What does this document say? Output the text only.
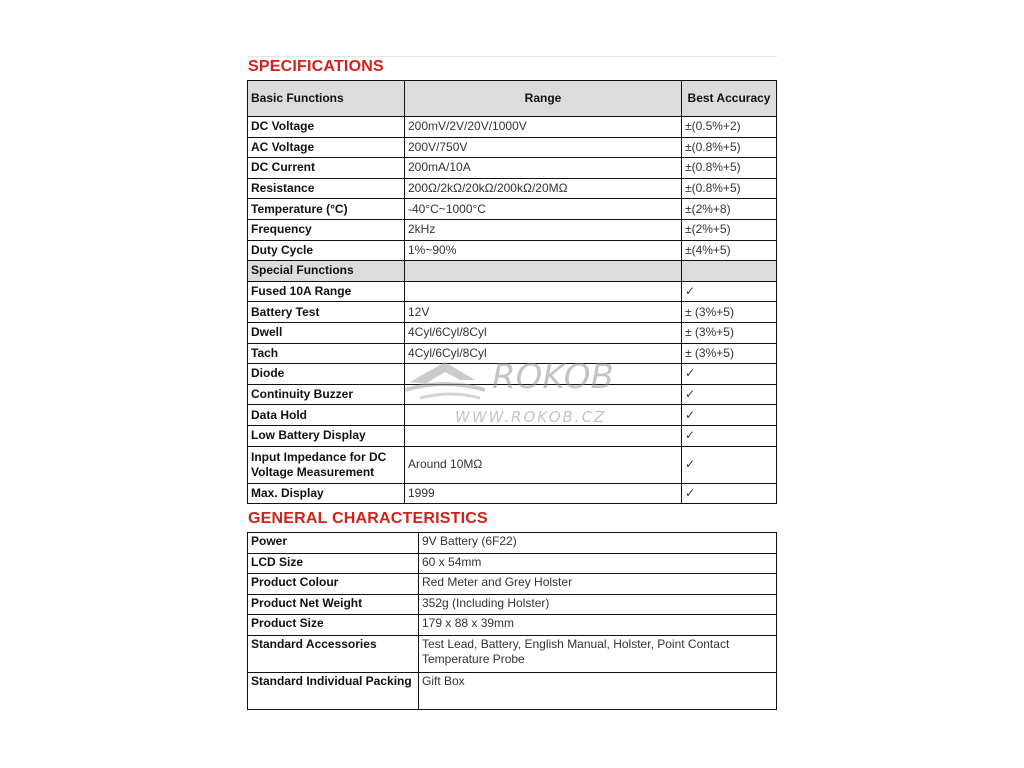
SPECIFICATIONS
Basic Functions	Range	Best Accuracy
DC Voltage	200mV/2V/20V/1000V	±(0.5%+2)
AC Voltage	200V/750V	±(0.8%+5)
DC Current	200mA/10A	±(0.8%+5)
Resistance	200Ω/2kΩ/20kΩ/200kΩ/20MΩ	±(0.8%+5)
Temperature (°C)	-40°C~1000°C	±(2%+8)
Frequency	2kHz	±(2%+5)
Duty Cycle	1%~90%	±(4%+5)
Special Functions		
Fused 10A Range		✓
Battery Test	12V	± (3%+5)
Dwell	4Cyl/6Cyl/8Cyl	± (3%+5)
Tach	4Cyl/6Cyl/8Cyl	± (3%+5)
Diode		✓
Continuity Buzzer		✓
Data Hold		✓
Low Battery Display		✓
Input Impedance for DC Voltage Measurement	Around 10MΩ	✓
Max. Display	1999	✓
GENERAL CHARACTERISTICS
Power	9V Battery (6F22)
LCD Size	60 x 54mm
Product Colour	Red Meter and Grey Holster
Product Net Weight	352g (Including Holster)
Product Size	179 x 88 x 39mm
Standard Accessories	Test Lead, Battery, English Manual, Holster, Point Contact Temperature Probe
Standard Individual Packing	Gift Box
ROKOB
WWW.ROKOB.CZ
